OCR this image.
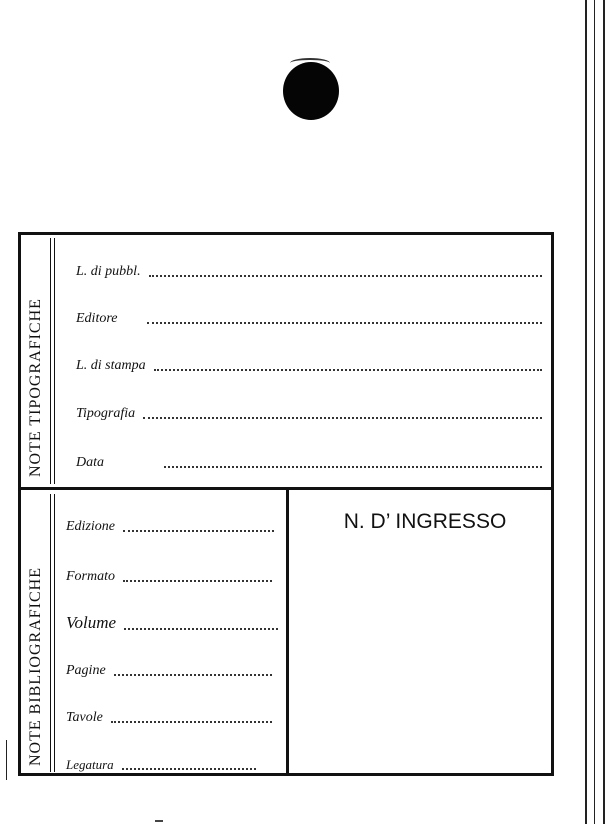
NOTE TIPOGRAFICHE
NOTE BIBLIOGRAFICHE
L. di pubbl.
Editore
L. di stampa
Tipografia
Data
Edizione
Formato
Volume
Pagine
Tavole
Legatura
N. D’ INGRESSO
